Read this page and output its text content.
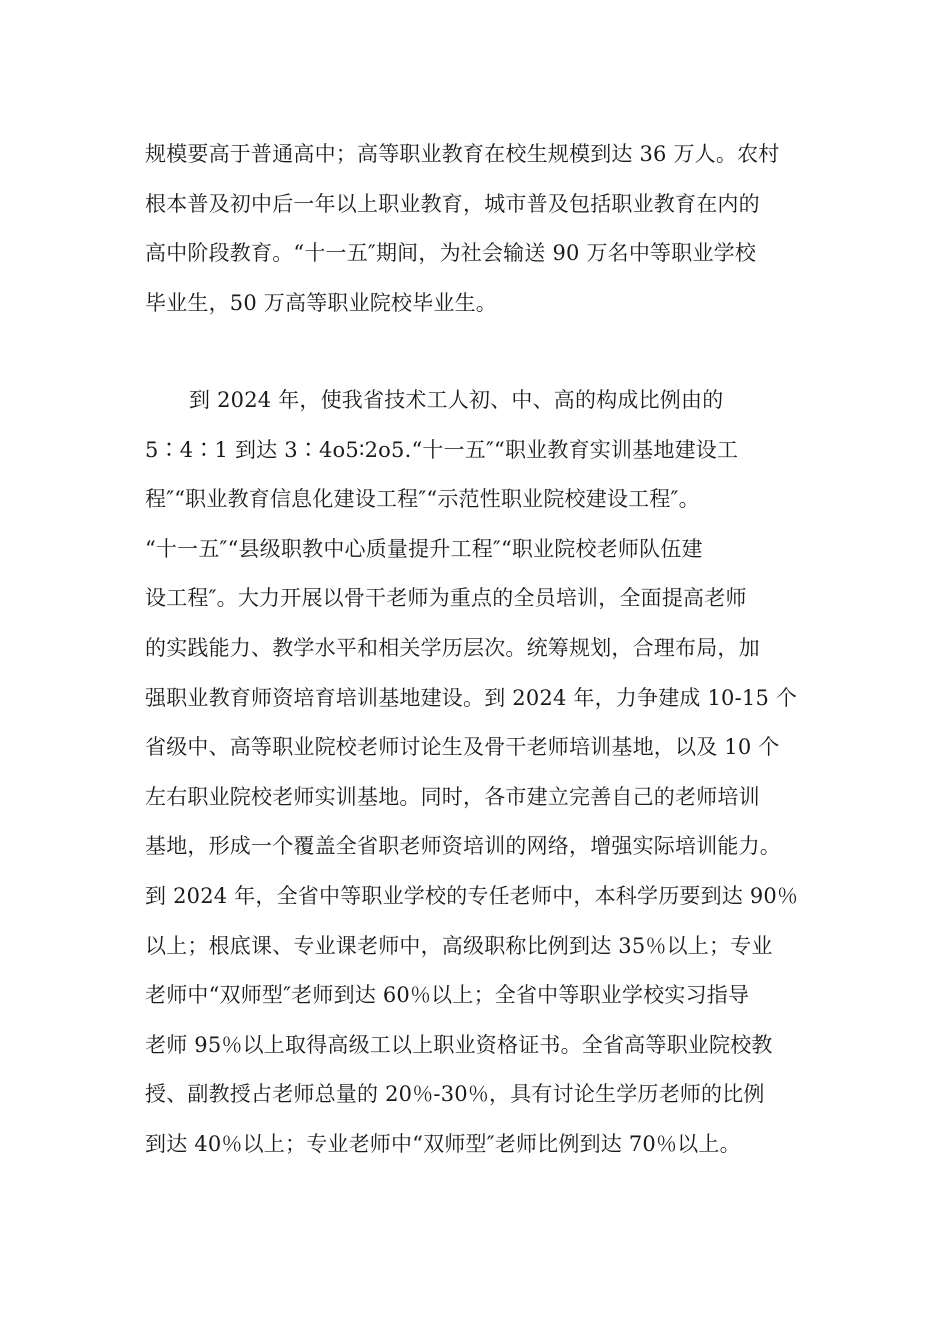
规模要高于普通高中；高等职业教育在校生规模到达 36 万人。农村
根本普及初中后一年以上职业教育，城市普及包括职业教育在内的
高中阶段教育。“十一五″期间，为社会输送 90 万名中等职业学校
毕业生，50 万高等职业院校毕业生。
到 2024 年，使我省技术工人初、中、高的构成比例由的
5∶4∶1 到达 3∶4o5∶2o5.“十一五″“职业教育实训基地建设工
程″“职业教育信息化建设工程″“示范性职业院校建设工程″。
“十一五″“县级职教中心质量提升工程″“职业院校老师队伍建
设工程″。大力开展以骨干老师为重点的全员培训，全面提高老师
的实践能力、教学水平和相关学历层次。统筹规划，合理布局，加
强职业教育师资培育培训基地建设。到 2024 年，力争建成 10-15 个
省级中、高等职业院校老师讨论生及骨干老师培训基地，以及 10 个
左右职业院校老师实训基地。同时，各市建立完善自己的老师培训
基地，形成一个覆盖全省职老师资培训的网络，增强实际培训能力。
到 2024 年，全省中等职业学校的专任老师中，本科学历要到达 90％
以上；根底课、专业课老师中，高级职称比例到达 35％以上；专业
老师中“双师型″老师到达 60％以上；全省中等职业学校实习指导
老师 95％以上取得高级工以上职业资格证书。全省高等职业院校教
授、副教授占老师总量的 20％-30％，具有讨论生学历老师的比例
到达 40％以上；专业老师中“双师型″老师比例到达 70％以上。
